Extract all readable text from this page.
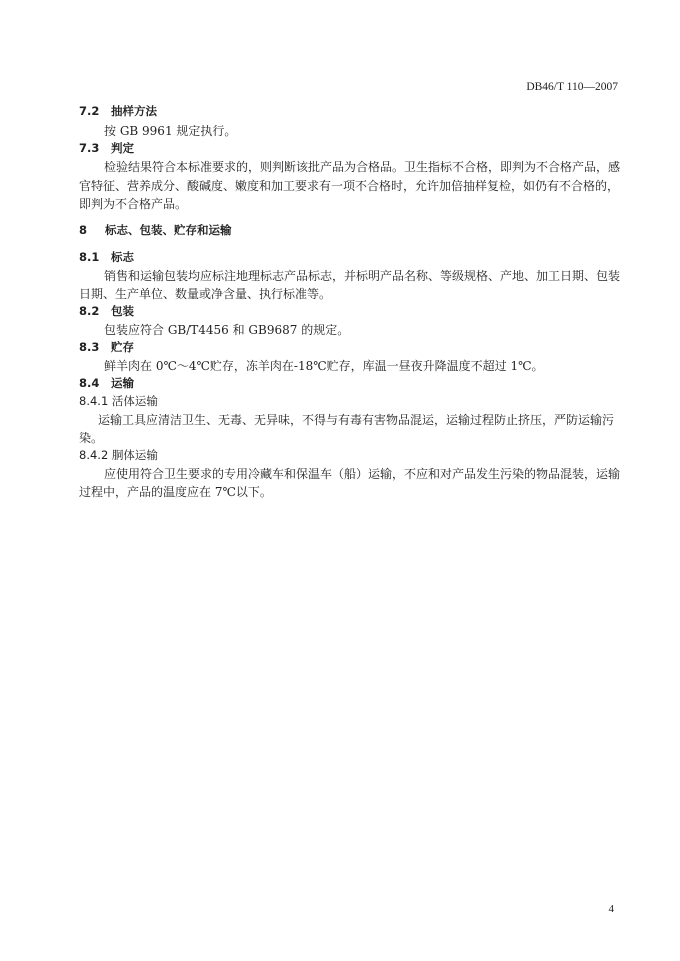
DB46/T 110—2007
7.2 抽样方法
按 GB 9961 规定执行。
7.3 判定
检验结果符合本标准要求的，则判断该批产品为合格品。卫生指标不合格，即判为不合格产品，感
官特征、营养成分、酸碱度、嫩度和加工要求有一项不合格时，允许加倍抽样复检，如仍有不合格的，
即判为不合格产品。
8 标志、包装、贮存和运输
8.1 标志
销售和运输包装均应标注地理标志产品标志，并标明产品名称、等级规格、产地、加工日期、包装
日期、生产单位、数量或净含量、执行标准等。
8.2 包装
包装应符合 GB/T4456 和 GB9687 的规定。
8.3 贮存
鲜羊肉在 0℃～4℃贮存，冻羊肉在-18℃贮存，库温一昼夜升降温度不超过 1℃。
8.4 运输
8.4.1 活体运输
运输工具应清洁卫生、无毒、无异味，不得与有毒有害物品混运，运输过程防止挤压，严防运输污
染。
8.4.2 胴体运输
应使用符合卫生要求的专用冷藏车和保温车（船）运输，不应和对产品发生污染的物品混装，运输
过程中，产品的温度应在 7℃以下。
4
